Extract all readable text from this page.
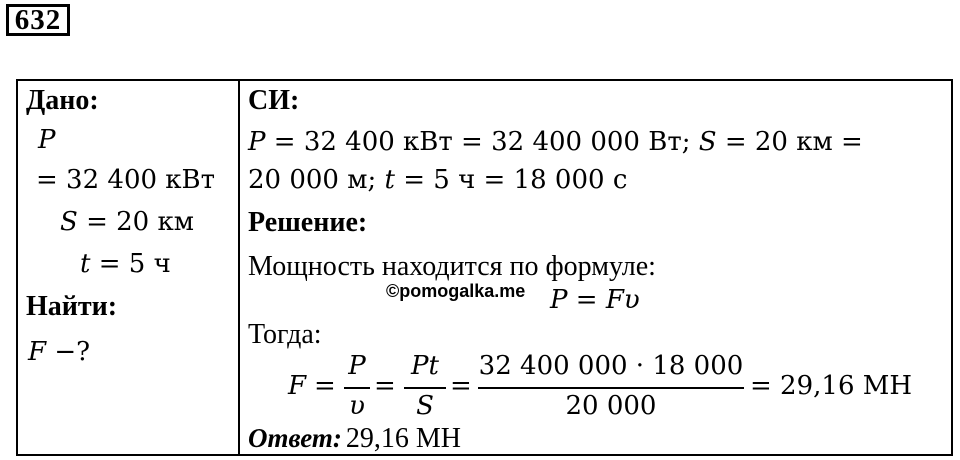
632
Дано:
P
= 32 400 кВт
S = 20 км
t = 5 ч
Найти:
F −?
СИ:
P = 32 400 кВт = 32 400 000 Вт; S = 20 км =
20 000 м; t = 5 ч = 18 000 с
Решение:
Мощность находится по формуле:
©pomogalka.me P = Fυ
Тогда:
F =
P
υ
=
Pt
S
=
32 400 000 · 18 000
20 000
= 29,16 МН
Ответ: 29,16 МН
